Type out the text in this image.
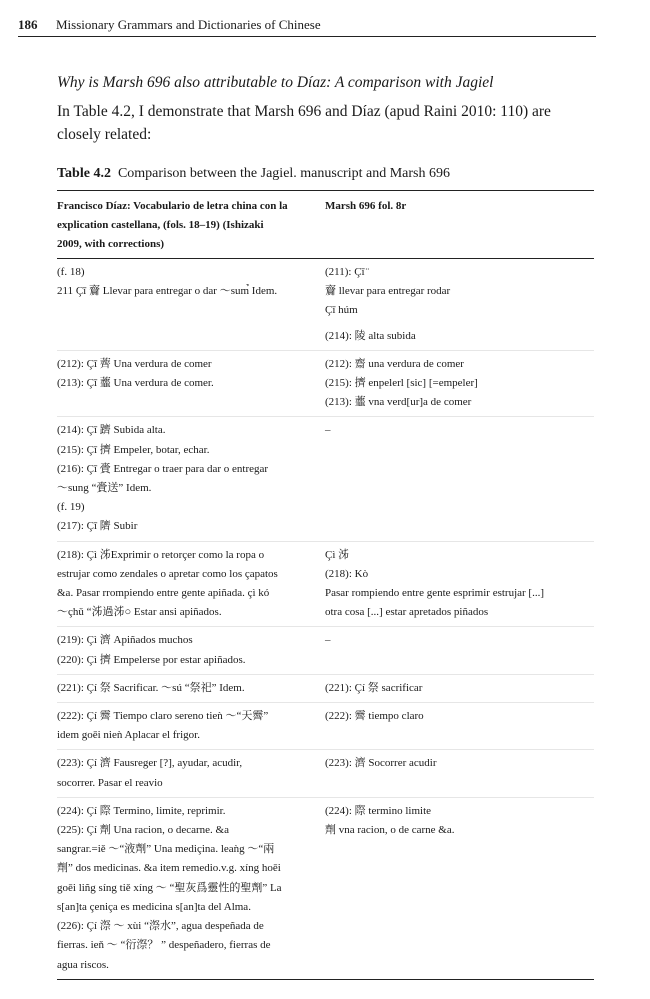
186 Missionary Grammars and Dictionaries of Chinese
Why is Marsh 696 also attributable to Díaz: A comparison with Jagiel
In Table 4.2, I demonstrate that Marsh 696 and Díaz (apud Raini 2010: 110) are closely related:
Table 4.2 Comparison between the Jagiel. manuscript and Marsh 696
Francisco Díaz: Vocabulario de letra china con la
explication castellana, (fols. 18–19) (Ishizaki
2009, with corrections)
Marsh 696 fol. 8r
(f. 18)
211 Çī 齎 Llevar para entregar o dar ～sum̉ Idem.
(211): Çī ̈
齎 llevar para entregar rodar
Çī húm
(214): 陵 alta subida
(212): Çī 薺 Una verdura de comer
(213): Çī 虀 Una verdura de comer.
(212): 齋 una verdura de comer
(215): 擠 enpelerl [sic] [=empeler]
(213): 虀 vna verd[ur]a de comer
(214): Çī 躋 Subida alta.
(215): Çī 擠 Empeler, botar, echar.
(216): Çī 賫 Entregar o traer para dar o entregar
～sung “賫送” Idem.
(f. 19)
(217): Çī 隮 Subir
–
(218): Çì 泲Exprimir o retorçer como la ropa o
estrujar como zendales o apretar como los çapatos
&a. Pasar rrompiendo entre gente apiñada. çì kó
～çhǔ “泲過泲○ Estar ansi apiñados.
Çì 泲
(218): Kò
Pasar rompiendo entre gente esprimir estrujar [...]
otra cosa [...] estar apretados piñados
(219): Çì 濟 Apiñados muchos
(220): Çì 擠 Empelerse por estar apiñados.
–
(221): Çí 祭 Sacrificar. ～sú “祭祀” Idem.	(221): Çí 祭 sacrificar
(222): Çí 霽 Tiempo claro sereno tieǹ ～“天霽”
idem goēi nieǹ Aplacar el frigor.
(222): 霽 tiempo claro
(223): Çí 濟 Fausreger [?], ayudar, acudir,
socorrer. Pasar el reavio
(223): 濟 Socorrer acudir
(224): Çí 際 Termino, limite, reprimir.
(225): Çí 劑 Una racion, o decarne. &a
sangrar.=iě ～“液劑” Una mediçina. leaǹg ～“兩
劑” dos medicinas. &a item remedio.v.g. xíng hoēi
goēi liñg síng tiě xíng ～ “聖灰爲靈性的聖劑” La
s[an]ta çeniça es medicina s[an]ta del Alma.
(226): Çí 漈 ～ xùi “漈水”, agua despeñada de
fierras. ieň ～ “衍漈？ ” despeñadero, fierras de
agua riscos.
(224): 際 termino limite
劑 vna racion, o de carne &a.
